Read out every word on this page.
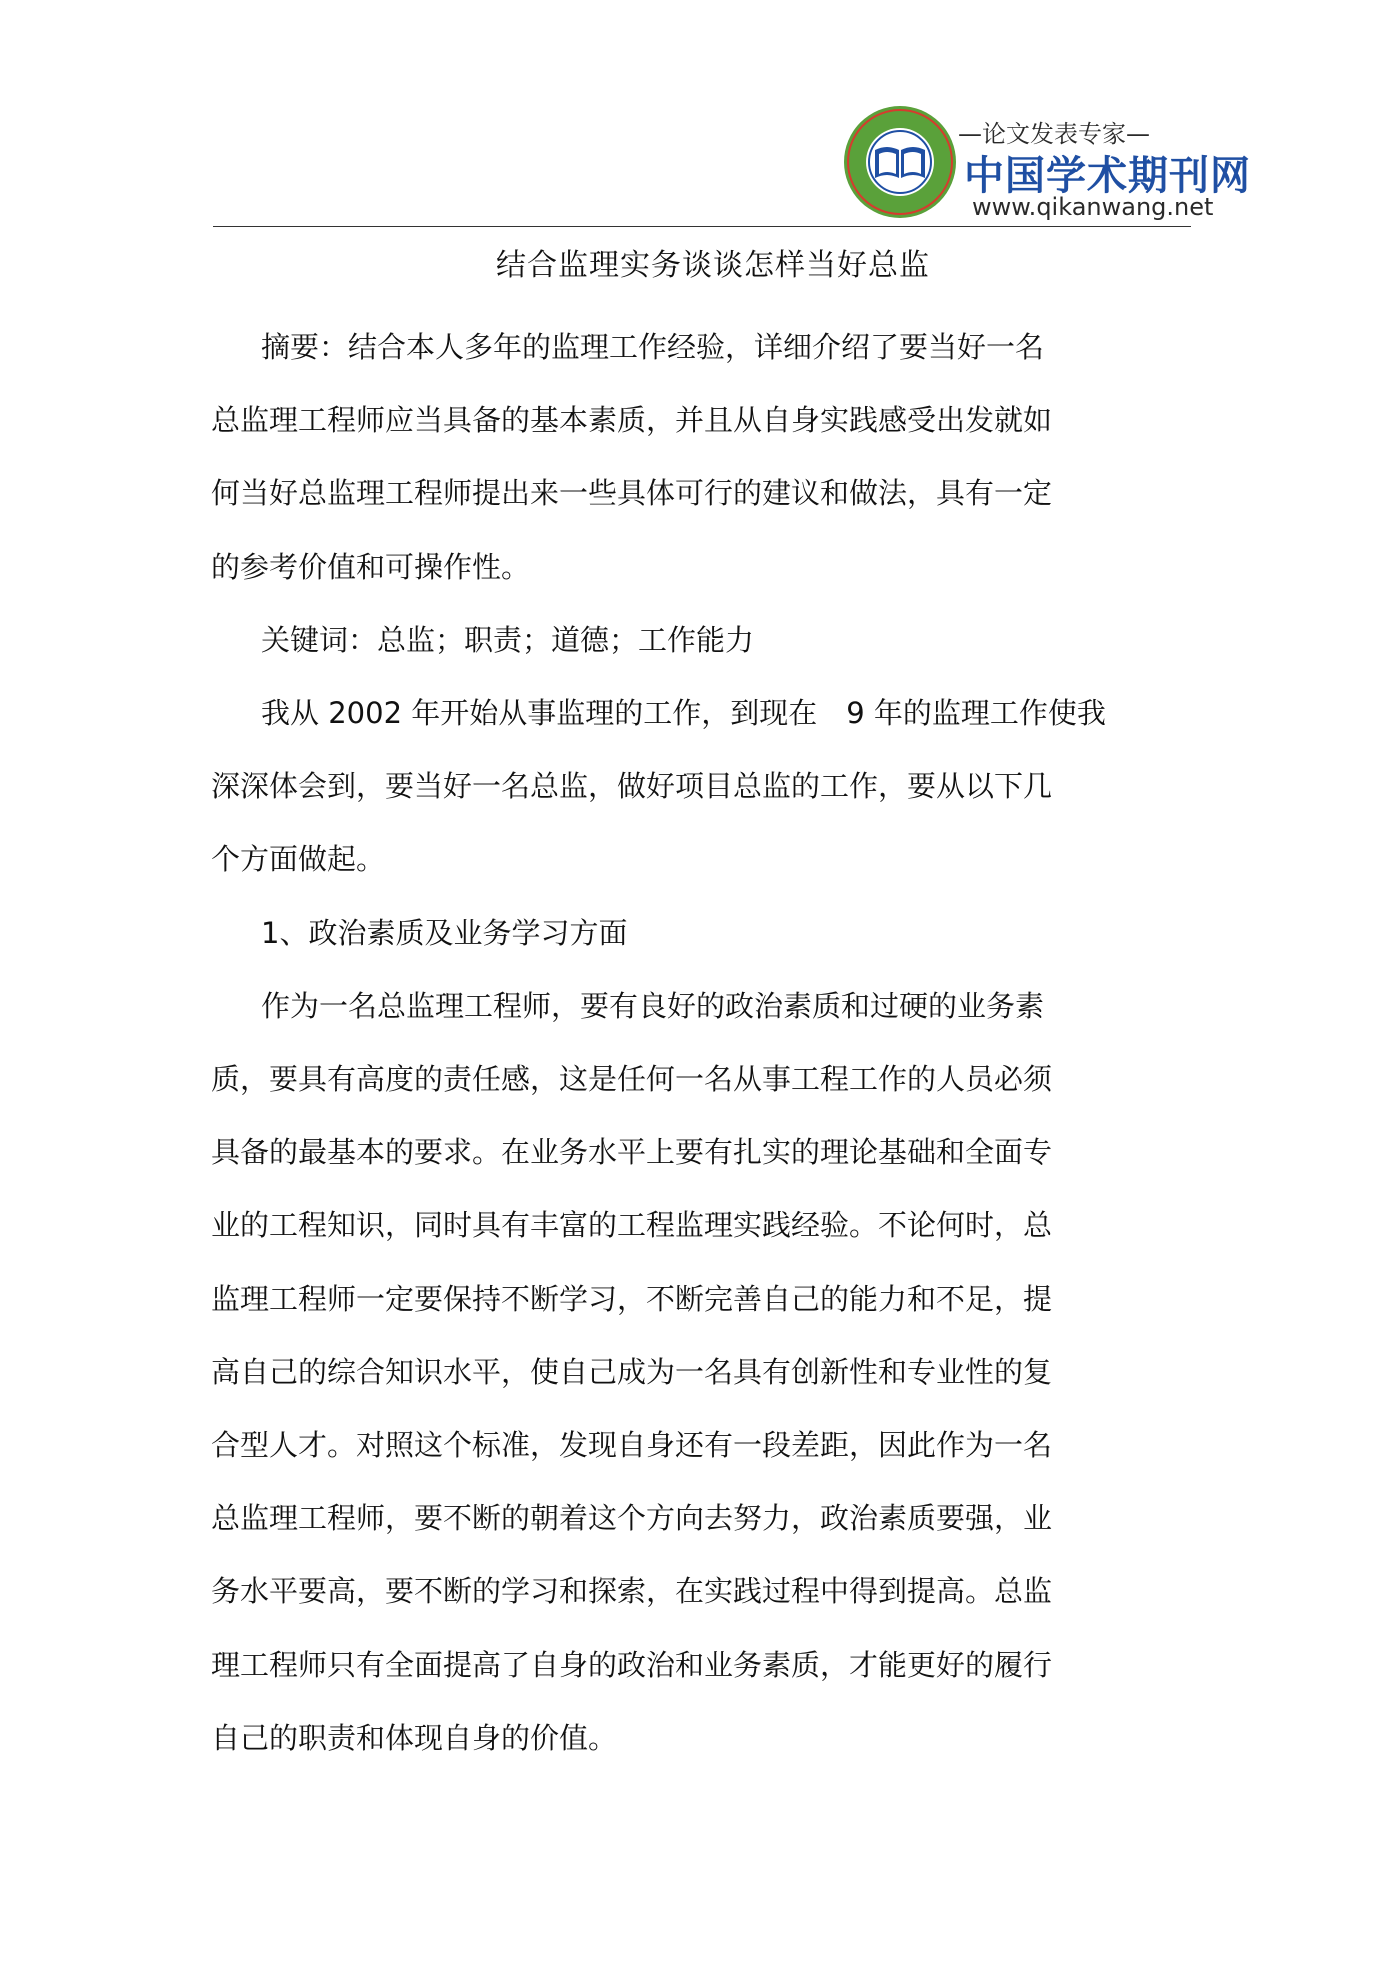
—论文发表专家—
中国学术期刊网
www.qikanwang.net
结合监理实务谈谈怎样当好总监

摘要：结合本人多年的监理工作经验，详细介绍了要当好一名

总监理工程师应当具备的基本素质，并且从自身实践感受出发就如

何当好总监理工程师提出来一些具体可行的建议和做法，具有一定

的参考价值和可操作性。

关键词：总监；职责；道德；工作能力

我从 2002 年开始从事监理的工作，到现在　9 年的监理工作使我

深深体会到，要当好一名总监，做好项目总监的工作，要从以下几

个方面做起。

1、政治素质及业务学习方面

作为一名总监理工程师，要有良好的政治素质和过硬的业务素

质，要具有高度的责任感，这是任何一名从事工程工作的人员必须

具备的最基本的要求。在业务水平上要有扎实的理论基础和全面专

业的工程知识，同时具有丰富的工程监理实践经验。不论何时，总

监理工程师一定要保持不断学习，不断完善自己的能力和不足，提

高自己的综合知识水平，使自己成为一名具有创新性和专业性的复

合型人才。对照这个标准，发现自身还有一段差距，因此作为一名

总监理工程师，要不断的朝着这个方向去努力，政治素质要强，业

务水平要高，要不断的学习和探索，在实践过程中得到提高。总监

理工程师只有全面提高了自身的政治和业务素质，才能更好的履行

自己的职责和体现自身的价值。
